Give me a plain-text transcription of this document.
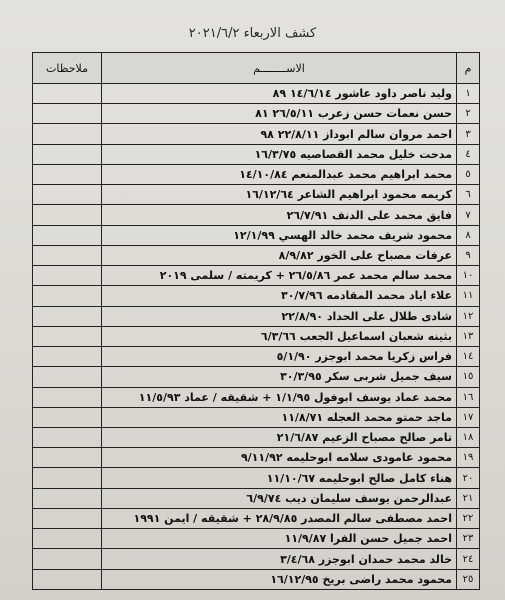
كشف الاربعاء ٢٠٢١/٦/٢
م	الاســــــــم	ملاحظات
١	وليد ناصر داود عاشور ١٤/٦/١٤ ٨٩	
٢	حسن نعمات حسن زعرب ٢٦/٥/١١ ٨١	
٣	احمد مروان سالم ابوداز ٢٢/٨/١١ ٩٨	
٤	مدحت خليل محمد القصاصيه ١٦/٣/٧٥	
٥	محمد ابراهيم محمد عبدالمنعم ١٤/١٠/٨٤	
٦	كريمه محمود ابراهيم الشاعر ١٦/١٢/٦٤	
٧	فايق محمد على الدنف ٢٦/٧/٩١	
٨	محمود شريف محمد خالد الهسي ١٢/١/٩٩	
٩	عرفات مصباح على الخور ٨/٩/٨٢	
١٠	محمد سالم محمد عمر ٢٦/٥/٨٦ + كريمته / سلمى ٢٠١٩	
١١	علاء اياد محمد المقادمه ٣٠/٧/٩٦	
١٢	شادى طلال على الحداد ٢٢/٨/٩٠	
١٣	بثينه شعبان اسماعيل الجعب ٦/٣/٦٦	
١٤	فراس زكريا محمد ابوجزر ٥/١/٩٠	
١٥	سيف جميل شربى سكر ٣٠/٣/٩٥	
١٦	محمد عماد يوسف ابوفول ١/١/٩٥ + شقيقه / عماد ١١/٥/٩٣	
١٧	ماجد حمتو محمد العجله ١١/٨/٧١	
١٨	تامر صالح مصباح الزعيم ٢١/٦/٨٧	
١٩	محمود عامودى سلامه ابوحليمه ٩/١١/٩٢	
٢٠	هناء كامل صالح ابوحليمه ١١/١٠/٦٧	
٢١	عبدالرحمن يوسف سليمان ديب ٦/٩/٧٤	
٢٢	احمد مصطفى سالم المصدر ٢٨/٩/٨٥ + شقيقه / ايمن ١٩٩١	
٢٣	احمد جميل حسن الفرا ١١/٩/٨٧	
٢٤	خالد محمد حمدان ابوجزر ٣/٤/٦٨	
٢٥	محمود محمد راضى بريخ ١٦/١٢/٩٥	
